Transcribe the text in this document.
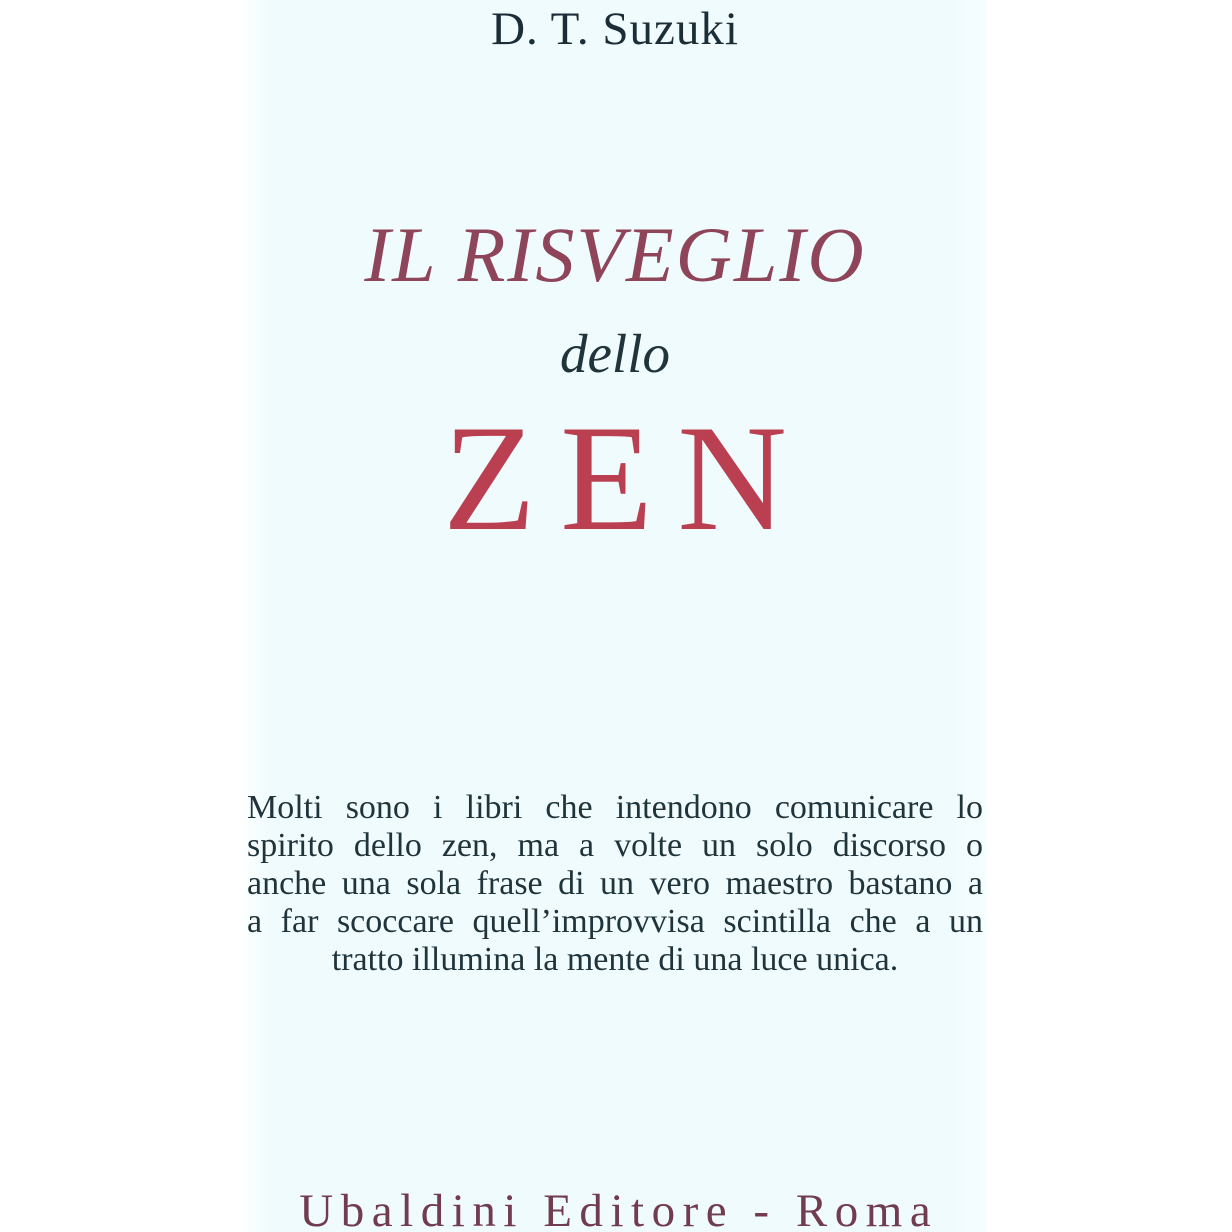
D. T. Suzuki
IL RISVEGLIO
dello
ZEN
Molti sono i libri che intendono comunicare lo
spirito dello zen, ma a volte un solo discorso o
anche una sola frase di un vero maestro bastano a
a far scoccare quell’improvvisa scintilla che a un
tratto illumina la mente di una luce unica.
Ubaldini Editore - Roma
